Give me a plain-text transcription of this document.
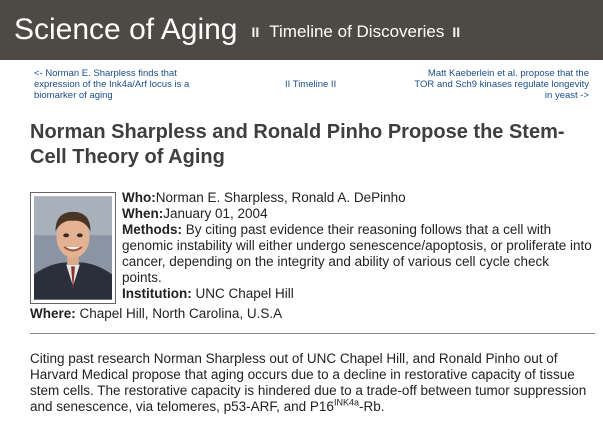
Science of Aging II Timeline of Discoveries II
<- Norman E. Sharpless finds that expression of the Ink4a/Arf locus is a biomarker of aging
II Timeline II
Matt Kaeberlein et al. propose that the TOR and Sch9 kinases regulate longevity in yeast ->
Norman Sharpless and Ronald Pinho Propose the Stem-Cell Theory of Aging
Who:Norman E. Sharpless, Ronald A. DePinho
When:January 01, 2004
Methods: By citing past evidence their reasoning follows that a cell with genomic instability will either undergo senescence/apoptosis, or proliferate into cancer, depending on the integrity and ability of various cell cycle check points.
Institution: UNC Chapel Hill
Where: Chapel Hill, North Carolina, U.S.A
Citing past research Norman Sharpless out of UNC Chapel Hill, and Ronald Pinho out of Harvard Medical propose that aging occurs due to a decline in restorative capacity of tissue stem cells. The restorative capacity is hindered due to a trade-off between tumor suppression and senescence, via telomeres, p53-ARF, and $P16^{INK4a}-Rb$.
